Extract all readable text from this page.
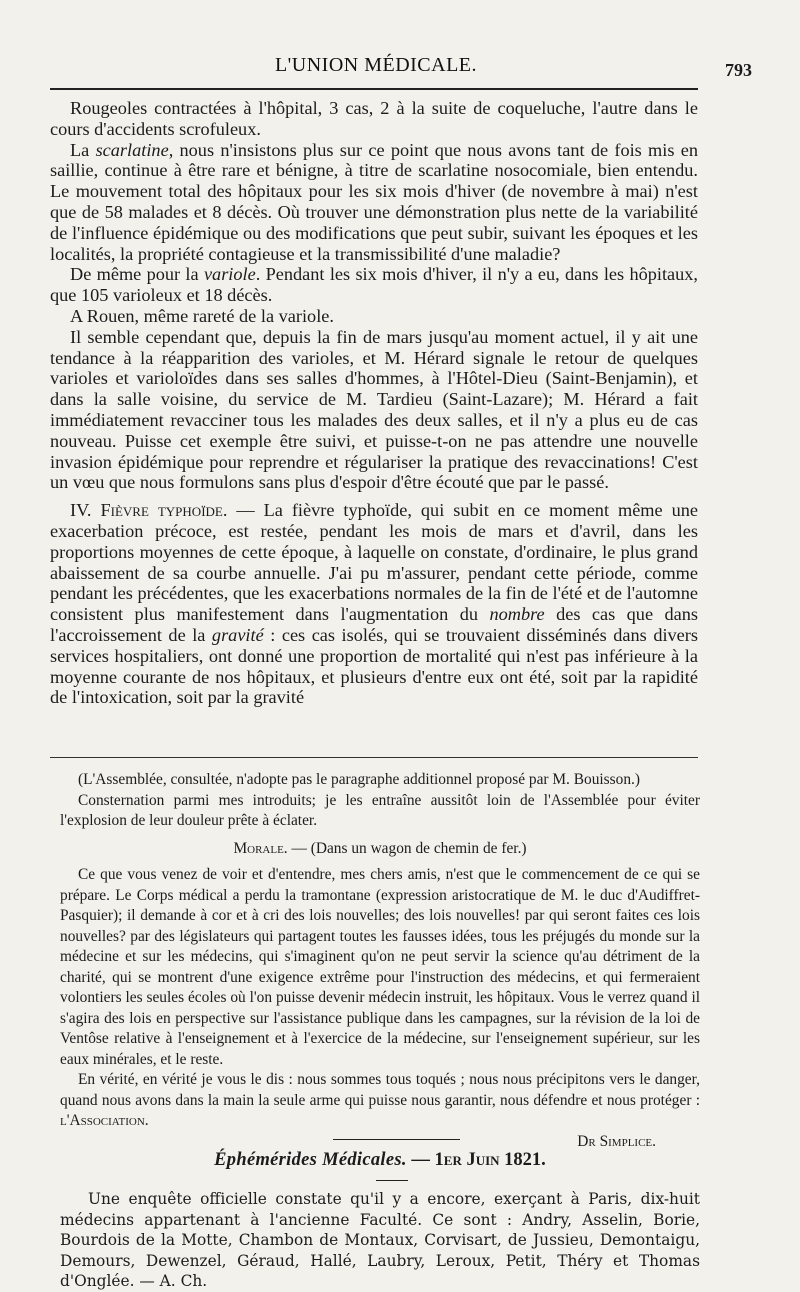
L'UNION MÉDICALE.	793

Rougeoles contractées à l'hôpital, 3 cas, 2 à la suite de coqueluche, l'autre dans le cours d'accidents scrofuleux.

La scarlatine, nous n'insistons plus sur ce point que nous avons tant de fois mis en saillie, continue à être rare et bénigne, à titre de scarlatine nosocomiale, bien entendu. Le mouvement total des hôpitaux pour les six mois d'hiver (de novembre à mai) n'est que de 58 malades et 8 décès. Où trouver une démonstration plus nette de la variabilité de l'influence épidémique ou des modifications que peut subir, suivant les époques et les localités, la propriété contagieuse et la transmissibilité d'une maladie?

De même pour la variole. Pendant les six mois d'hiver, il n'y a eu, dans les hôpitaux, que 105 varioleux et 18 décès.

A Rouen, même rareté de la variole.

Il semble cependant que, depuis la fin de mars jusqu'au moment actuel, il y ait une tendance à la réapparition des varioles, et M. Hérard signale le retour de quelques varioles et varioloïdes dans ses salles d'hommes, à l'Hôtel-Dieu (Saint-Benjamin), et dans la salle voisine, du service de M. Tardieu (Saint-Lazare); M. Hérard a fait immédiatement revacciner tous les malades des deux salles, et il n'y a plus eu de cas nouveau. Puisse cet exemple être suivi, et puisse-t-on ne pas attendre une nouvelle invasion épidémique pour reprendre et régulariser la pratique des revaccinations! C'est un vœu que nous formulons sans plus d'espoir d'être écouté que par le passé.

IV. Fièvre typhoïde. — La fièvre typhoïde, qui subit en ce moment même une exacerbation précoce, est restée, pendant les mois de mars et d'avril, dans les proportions moyennes de cette époque, à laquelle on constate, d'ordinaire, le plus grand abaissement de sa courbe annuelle. J'ai pu m'assurer, pendant cette période, comme pendant les précédentes, que les exacerbations normales de la fin de l'été et de l'automne consistent plus manifestement dans l'augmentation du nombre des cas que dans l'accroissement de la gravité : ces cas isolés, qui se trouvaient disséminés dans divers services hospitaliers, ont donné une proportion de mortalité qui n'est pas inférieure à la moyenne courante de nos hôpitaux, et plusieurs d'entre eux ont été, soit par la rapidité de l'intoxication, soit par la gravité

(L'Assemblée, consultée, n'adopte pas le paragraphe additionnel proposé par M. Bouisson.)

Consternation parmi mes introduits; je les entraîne aussitôt loin de l'Assemblée pour éviter l'explosion de leur douleur prête à éclater.

Morale. — (Dans un wagon de chemin de fer.)

Ce que vous venez de voir et d'entendre, mes chers amis, n'est que le commencement de ce qui se prépare. Le Corps médical a perdu la tramontane (expression aristocratique de M. le duc d'Audiffret-Pasquier); il demande à cor et à cri des lois nouvelles; des lois nouvelles! par qui seront faites ces lois nouvelles? par des législateurs qui partagent toutes les fausses idées, tous les préjugés du monde sur la médecine et sur les médecins, qui s'imaginent qu'on ne peut servir la science qu'au détriment de la charité, qui se montrent d'une exigence extrême pour l'instruction des médecins, et qui fermeraient volontiers les seules écoles où l'on puisse devenir médecin instruit, les hôpitaux. Vous le verrez quand il s'agira des lois en perspective sur l'assistance publique dans les campagnes, sur la révision de la loi de Ventôse relative à l'enseignement et à l'exercice de la médecine, sur l'enseignement supérieur, sur les eaux minérales, et le reste.

En vérité, en vérité je vous le dis : nous sommes tous toqués ; nous nous précipitons vers le danger, quand nous avons dans la main la seule arme qui puisse nous garantir, nous défendre et nous protéger : l'Association.

Dr Simplice.
Éphémérides Médicales. — 1er Juin 1821.

Une enquête officielle constate qu'il y a encore, exerçant à Paris, dix-huit médecins appartenant à l'ancienne Faculté. Ce sont : Andry, Asselin, Borie, Bourdois de la Motte, Chambon de Montaux, Corvisart, de Jussieu, Demontaigu, Demours, Dewenzel, Géraud, Hallé, Laubry, Leroux, Petit, Théry et Thomas d'Onglée. — A. Ch.
